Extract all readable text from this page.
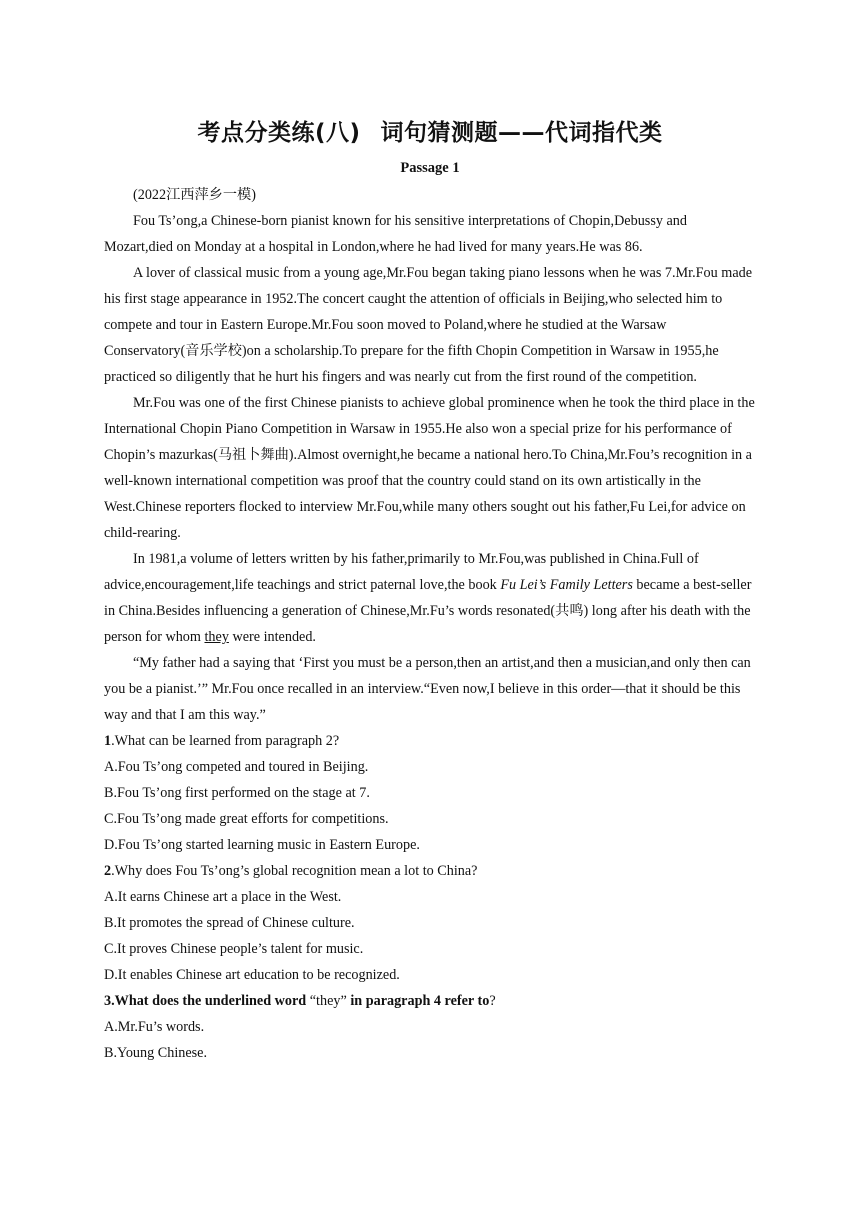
考点分类练(八) 词句猜测题——代词指代类
Passage 1

(2022江西萍乡一模)

Fou Ts’ong,a Chinese-born pianist known for his sensitive interpretations of Chopin,Debussy and Mozart,died on Monday at a hospital in London,where he had lived for many years.He was 86.

A lover of classical music from a young age,Mr.Fou began taking piano lessons when he was 7.Mr.Fou made his first stage appearance in 1952.The concert caught the attention of officials in Beijing,who selected him to compete and tour in Eastern Europe.Mr.Fou soon moved to Poland,where he studied at the Warsaw Conservatory(音乐学校)on a scholarship.To prepare for the fifth Chopin Competition in Warsaw in 1955,he practiced so diligently that he hurt his fingers and was nearly cut from the first round of the competition.

Mr.Fou was one of the first Chinese pianists to achieve global prominence when he took the third place in the International Chopin Piano Competition in Warsaw in 1955.He also won a special prize for his performance of Chopin’s mazurkas(马祖卜舞曲).Almost overnight,he became a national hero.To China,Mr.Fou’s recognition in a well-known international competition was proof that the country could stand on its own artistically in the West.Chinese reporters flocked to interview Mr.Fou,while many others sought out his father,Fu Lei,for advice on child-rearing.

In 1981,a volume of letters written by his father,primarily to Mr.Fou,was published in China.Full of advice,encouragement,life teachings and strict paternal love,the book Fu Lei’s Family Letters became a best-seller in China.Besides influencing a generation of Chinese,Mr.Fu’s words resonated(共鸣) long after his death with the person for whom they were intended.

“My father had a saying that ‘First you must be a person,then an artist,and then a musician,and only then can you be a pianist.’” Mr.Fou once recalled in an interview.“Even now,I believe in this order—that it should be this way and that I am this way.”

1.What can be learned from paragraph 2?

A.Fou Ts’ong competed and toured in Beijing.

B.Fou Ts’ong first performed on the stage at 7.

C.Fou Ts’ong made great efforts for competitions.

D.Fou Ts’ong started learning music in Eastern Europe.

2.Why does Fou Ts’ong’s global recognition mean a lot to China?

A.It earns Chinese art a place in the West.

B.It promotes the spread of Chinese culture.

C.It proves Chinese people’s talent for music.

D.It enables Chinese art education to be recognized.

3.What does the underlined word “they” in paragraph 4 refer to?

A.Mr.Fu’s words.

B.Young Chinese.
